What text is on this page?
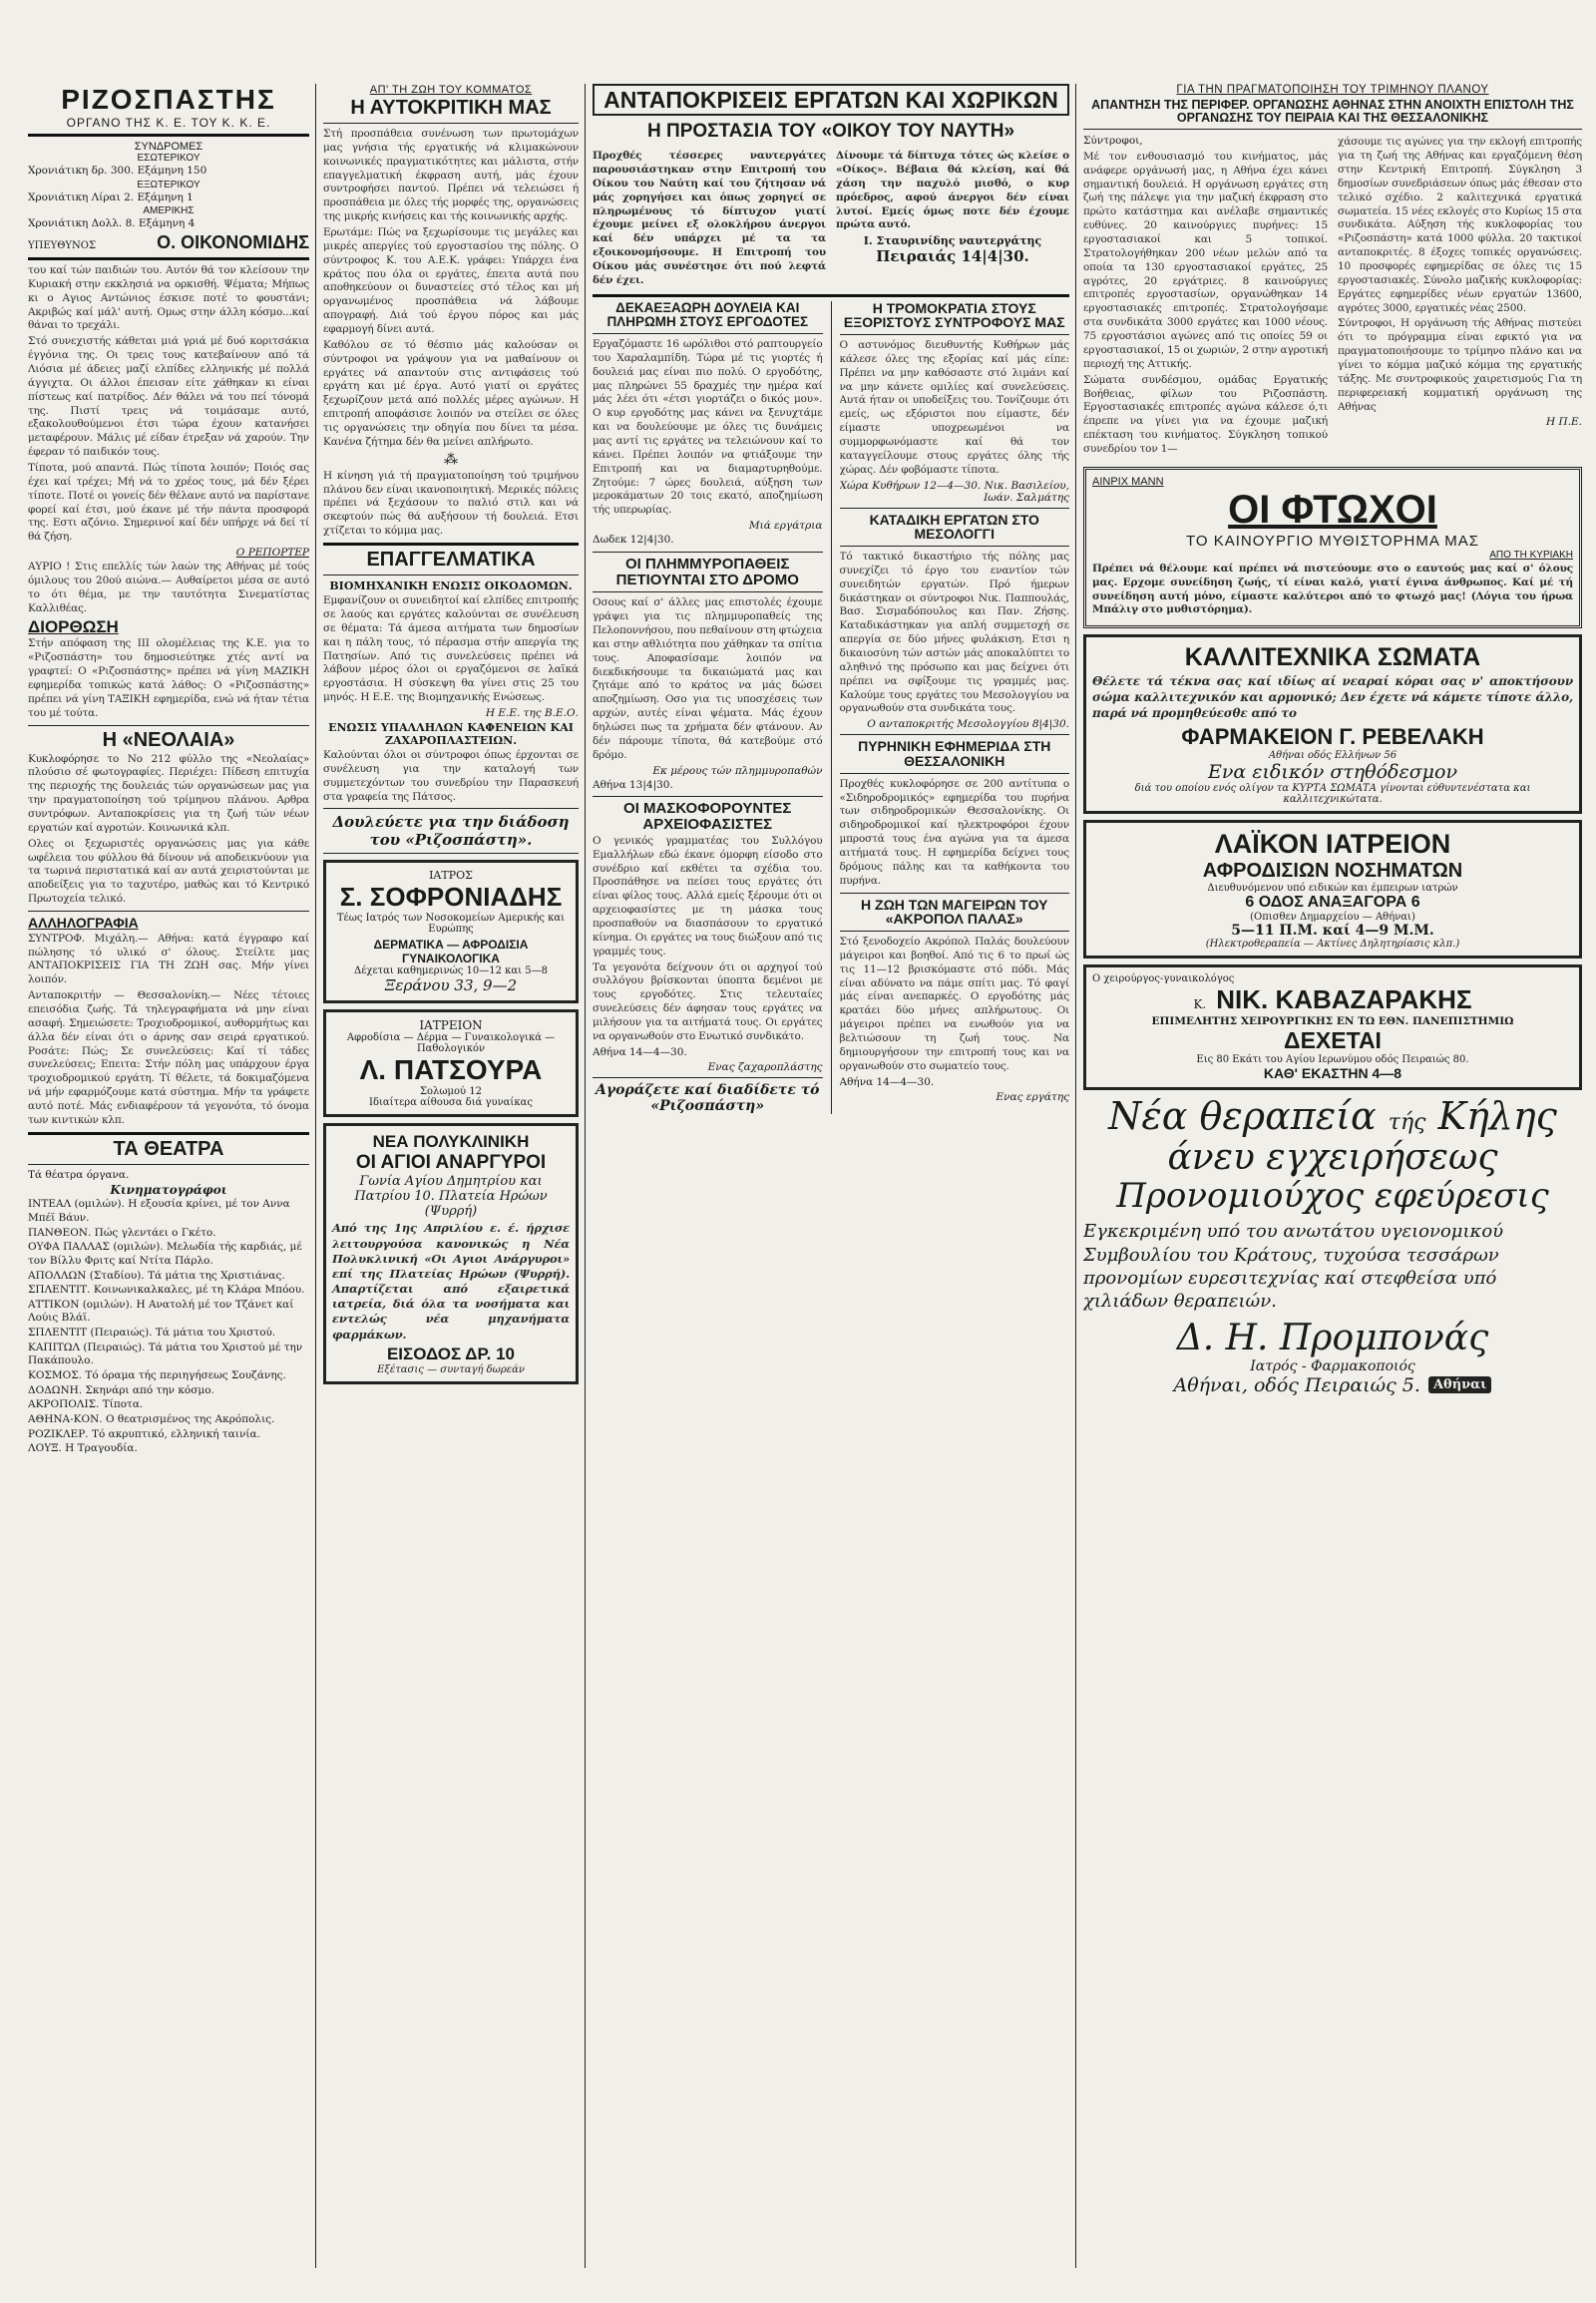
ΡΙΖΟΣΠΑΣΤΗΣ
ΟΡΓΑΝΟ ΤΗΣ Κ. Ε. ΤΟΥ Κ. Κ. Ε.
ΣΥΝΔΡΟΜΕΣ
ΕΣΩΤΕΡΙΚΟΥ
Χρονιάτικη δρ. 300. Εξάμηνη 150
ΕΞΩΤΕΡΙΚΟΥ
Χρονιάτικη Λίραι 2. Εξάμηνη 1
ΑΜΕΡΙΚΗΣ
Χρονιάτικη Δολλ. 8. Εξάμηνη 4
ΥΠΕΥΘΥΝΟΣ	Ο. ΟΙΚΟΝΟΜΙΔΗΣ

του καί τών παιδιών του. Αυτόν θά τον κλείσουν την Κυριακή στην εκκλησιά να ορκισθή. Ψέματα; Μήπως κι ο Αγιος Αντώνιος έσκισε ποτέ το φουστάνι; Ακριβώς καί μάλ' αυτή. Ομως στην άλλη κόσμο...καί θάναι το τρεχάλι.

Στό συνεχιστής κάθεται μιά γριά μέ δυό κοριτσάκια έγγόνια της. Οι τρεις τους κατεβαίνουν από τά Λιόσια μέ άδειες μαζί ελπίδες ελληνικής μέ πολλά άγγιχτα. Οι άλλοι έπεισαν είτε χάθηκαν κι είναι πίστεως καί πατρίδος. Δέν θάλει νά του πεί τόνομά της. Πιστί τρεις νά τοιμάσαμε αυτό, εξακολουθούμενοι έτσι τώρα έχουν κατανήσει μεταφέρουν. Μάλις μέ είδαν έτρεξαν νά χαρούν. Την έφεραν τό παιδικόν τους.

Τίποτα, μού απαντά. Πώς τίποτα λοιπόν; Ποιός σας έχει καί τρέχει; Μή νά το χρέος τους, μά δέν ξέρει τίποτε. Ποτέ οι γονείς δέν θέλανε αυτό να παρίστανε φορεί καί έτσι, μού έκανε μέ τήν πάντα προσφορά της. Εστι αζόνιο. Σημερινοί καί δέν υπήρχε νά δεί τί θά ζήση.

Ο ΡΕΠΟΡΤΕΡ

ΑΥΡΙΟ ! Στις επελλίς τών λαών της Αθήνας μέ τούς όμιλους του 20ού αιώνα.— Αυθαίρετοι μέσα σε αυτό το ότι θέμα, με την ταυτότητα Σινεματίστας Καλλιθέας.

ΔΙΟΡΘΩΣΗ

Στήν απόφαση της ΙΙΙ ολομέλειας της Κ.Ε. για το «Ριζοσπάστη» του δημοσιεύτηκε χτές αντί να γραφτεί: Ο «Ριζοσπάστης» πρέπει νά γίνη ΜΑΖΙΚΗ εφημερίδα τοπικώς κατά λάθος: Ο «Ριζοσπάστης» πρέπει νά γίνη ΤΑΞΙΚΗ εφημερίδα, ενώ νά ήταν τέτια του μέ τούτα.

Η «ΝΕΟΛΑΙΑ»

Κυκλοφόρησε το Νο 212 φύλλο της «Νεολαίας» πλούσιο σέ φωτογραφίες. Περιέχει: Πίδεση επιτυχία της περιοχής της δουλειάς τών οργανώσεων μας για την πραγματοποίηση τού τρίμηνου πλάνου. Αρθρα συντρόφων. Ανταποκρίσεις για τη ζωή τών νέων εργατών καί αγροτών. Κοινωνικά κλπ.

Ολες οι ξεχωριστές οργανώσεις μας για κάθε ωφέλεια του φύλλου θά δίνουν νά αποδεικνύουν για τα τωρινά περιστατικά καί αν αυτά χειριστούνται με αποδείξεις για το ταχυτέρο, μαθώς και τό Κεντρικό Πρωτοχεία τελικό.

ΑΛΛΗΛΟΓΡΑΦΙΑ

ΣΥΝΤΡΟΦ. Μιχάλη.— Αθήνα: κατά έγγραφο καί πώλησης τό υλικό σ' όλους. Στείλτε μας ΑΝΤΑΠΟΚΡΙΣΕΙΣ ΓΙΑ ΤΗ ΖΩΗ σας. Μήν γίνει λοιπόν.

Ανταποκριτήν — Θεσσαλονίκη.— Νέες τέτοιες επεισόδια ζωής. Τά τηλεγραφήματα νά μην είναι ασαφή. Σημειώσετε: Τροχιοδρομικοί, αυθορμήτως και άλλα δέν είναι ότι ο άρνης σαν σειρά εργατικού. Ροσάτε: Πώς; Σε συνελεύσεις: Καί τί τάδες συνελεύσεις; Επειτα: Στήν πόλη μας υπάρχουν έργα τροχιοδρομικού εργάτη. Τί θέλετε, τά δοκιμαζόμενα νά μήν εφαρμόζουμε κατά σύστημα. Μήν τα γράφετε αυτό ποτέ. Μάς ενδιαφέρουν τά γεγονότα, τό όνομα των κιντικών κλπ.

ΤΑ ΘΕΑΤΡΑ
Τά θέατρα όργανα.
Κινηματογράφοι
ΙΝΤΕΑΛ (ομιλών). Η εξουσία κρίνει, μέ τον Αννα Μπέϊ Βάυν.
ΠΑΝΘΕΟΝ. Πώς γλεντάει ο Γκέτο.
ΟΥΦΑ ΠΑΛΛΑΣ (ομιλών). Μελωδία τής καρδιάς, μέ τον Βίλλυ Φριτς καί Ντίτα Πάρλο.
ΑΠΟΛΛΩΝ (Σταδίου). Τά μάτια της Χριστιάνας.
ΣΠΛΕΝΤΙΤ. Κοινωνικαλκαλες, μέ τη Κλάρα Μπόου.
ΑΤΤΙΚΟΝ (ομιλών). Η Ανατολή μέ τον Τζάνετ καί Λούις Βλάϊ.
ΣΠΛΕΝΤΙΤ (Πειραιώς). Τά μάτια του Χριστού.
ΚΑΠΙΤΩΛ (Πειραιώς). Τά μάτια του Χριστού μέ την Πακάπουλο.
ΚΟΣΜΟΣ. Τό όραμα τής περιηγήσεως Σουζάνης.
ΔΟΔΩΝΗ. Σκηνάρι από την κόσμο.
ΑΚΡΟΠΟΛΙΣ. Τίποτα.
ΑΘΗΝΑ-ΚΟΝ. Ο θεατρισμένος της Ακρόπολις.
ΡΟΖΙΚΛΕΡ. Τό ακρυπτικό, ελληνική ταινία.
ΛΟΥΞ. Η Τραγουδία.
ΑΠ' ΤΗ ΖΩΗ ΤΟΥ ΚΟΜΜΑΤΟΣ
Η ΑΥΤΟΚΡΙΤΙΚΗ ΜΑΣ

Στή προσπάθεια συνένωση των πρωτομάχων μας γνήσια τής εργατικής νά κλιμακώνουν κοινωνικές πραγματικότητες και μάλιστα, στήν επαγγελματική έκφραση αυτή, μάς έχουν συντροφήσει παντού. Πρέπει νά τελειώσει ή προσπάθεια με όλες τής μορφές της, οργανώσεις της μικρής κινήσεις και τής κοινωνικής αρχής.

Ερωτάμε: Πώς να ξεχωρίσουμε τις μεγάλες και μικρές απεργίες τού εργοστασίου της πόλης. Ο σύντροφος Κ. του Α.Ε.Κ. γράφει: Υπάρχει ένα κράτος που όλα οι εργάτες, έπειτα αυτά που αποθηκεύουν οι δυναστείες στό τέλος και μή οργανωμένος προσπάθεια νά λάβουμε απογραφή. Διά τού έργου πόρος και μάς εφαρμογή δίνει αυτά.

Καθόλου σε τό θέσπιο μάς καλούσαν οι σύντροφοι να γράψουν για να μαθαίνουν οι εργάτες νά απαντούν στις αντιφάσεις τού εργάτη και μέ έργα. Αυτό γιατί οι εργάτες ξεχωρίζουν μετά από πολλές μέρες αγώνων. Η επιτροπή αποφάσισε λοιπόν να στείλει σε όλες τις οργανώσεις την οδηγία που δίνει τα μέσα. Κανένα ζήτημα δέν θα μείνει απλήρωτο.

⁂

Η κίνηση γιά τή πραγματοποίηση τού τριμήνου πλάνου δεν είναι ικανοποιητική. Μερικές πόλεις πρέπει νά ξεχάσουν το παλιό στιλ και νά σκεφτούν πώς θά αυξήσουν τή δουλειά. Ετσι χτίζεται το κόμμα μας.

ΕΠΑΓΓΕΛΜΑΤΙΚΑ
ΒΙΟΜΗΧΑΝΙΚΗ ΕΝΩΣΙΣ ΟΙΚΟΔΟΜΩΝ.

Εμφανίζουν οι συνειδητοί καί ελπίδες επιτροπής σε λαούς και εργάτες καλούνται σε συνέλευση σε θέματα: Τά άμεσα αιτήματα των δημοσίων και η πάλη τους, τό πέρασμα στήν απεργία της Πατησίων. Από τις συνελεύσεις πρέπει νά λάβουν μέρος όλοι οι εργαζόμενοι σε λαϊκά εργοστάσια. Η σύσκεψη θα γίνει στις 25 του μηνός. Η Ε.Ε. της Βιομηχανικής Ενώσεως.

Η Ε.Ε. της Β.Ε.Ο.
ΕΝΩΣΙΣ ΥΠΑΛΛΗΛΩΝ ΚΑΦΕΝΕΙΩΝ ΚΑΙ ΖΑΧΑΡΟΠΛΑΣΤΕΙΩΝ.

Καλούνται όλοι οι σύντροφοι όπως έρχονται σε συνέλευση για την καταλογή των συμμετεχόντων του συνεδρίου την Παρασκευή στα γραφεία της Πάτσος.

Δουλεύετε για την διάδοση του «Ριζοσπάστη».
ΙΑΤΡΟΣ
Σ. ΣΟΦΡΟΝΙΑΔΗΣ
Τέως Ιατρός των Νοσοκομείων Αμερικής και Ευρώπης
ΔΕΡΜΑΤΙΚΑ — ΑΦΡΟΔΙΣΙΑ ΓΥΝΑΙΚΟΛΟΓΙΚΑ
Δέχεται καθημερινώς 10—12 και 5—8
Ξεράνου 33, 9—2
ΙΑΤΡΕΙΟΝ
Αφροδίσια — Δέρμα — Γυναικολογικά — Παθολογικόν
Λ. ΠΑΤΣΟΥΡΑ
Σολωμού 12
Ιδιαίτερα αίθουσα διά γυναίκας
ΝΕΑ ΠΟΛΥΚΛΙΝΙΚΗ
ΟΙ ΑΓΙΟΙ ΑΝΑΡΓΥΡΟΙ
Γωνία Αγίου Δημητρίου και Πατρίου 10. Πλατεία Ηρώων (Ψυρρή)

Από της 1ης Απριλίου ε. έ. ήρχισε λειτουργούσα κανονικώς η Νέα Πολυκλινική «Οι Αγιοι Ανάργυροι» επί της Πλατείας Ηρώων (Ψυρρή). Απαρτίζεται από εξαιρετικά ιατρεία, διά όλα τα νοσήματα και εντελώς νέα μηχανήματα φαρμάκων.

ΕΙΣΟΔΟΣ ΔΡ. 10
Εξέτασις — συνταγή δωρεάν
ΑΝΤΑΠΟΚΡΙΣΕΙΣ ΕΡΓΑΤΩΝ ΚΑΙ ΧΩΡΙΚΩΝ
Η ΠΡΟΣΤΑΣΙΑ ΤΟΥ «ΟΙΚΟΥ ΤΟΥ ΝΑΥΤΗ»

Προχθές τέσσερες ναυτεργάτες παρουσιάστηκαν στην Επιτροπή του Οίκου του Ναύτη καί του ζήτησαν νά μάς χορηγήσει και όπως χορηγεί σε πληρωμένους τό δίπτυχον γιατί έχουμε μείνει εξ ολοκλήρου άνεργοι καί δέν υπάρχει μέ τα τα εξοικονομήσουμε. Η Επιτροπή του Οίκου μάς συνέστησε ότι πού λεφτά δέν έχει.

Δίνουμε τά δίπτυχα τότες ώς κλείσε ο «Οίκος». Βέβαια θά κλείση, καί θά χάση την παχυλό μισθό, ο κυρ πρόεδρος, αφού άνεργοι δέν είναι λυτοί. Εμείς όμως ποτε δέν έχουμε πρώτα αυτό.

Ι. Σταυρινίδης ναυτεργάτης
Πειραιάς 14|4|30.
ΔΕΚΑΕΞΑΩΡΗ ΔΟΥΛΕΙΑ ΚΑΙ ΠΛΗΡΩΜΗ ΣΤΟΥΣ ΕΡΓΟΔΟΤΕΣ

Εργαζόμαστε 16 ωρόλιθοι στό ραπτουργείο του Χαραλαμπίδη. Τώρα μέ τις γιορτές ή δουλειά μας είναι πιο πολύ. Ο εργοδότης, μας πληρώνει 55 δραχμές την ημέρα καί μάς λέει ότι «έτσι γιορτάζει ο δικός μου». Ο κυρ εργοδότης μας κάνει να ξενυχτάμε και να δουλεύουμε με όλες τις δυνάμεις μας αντί τις εργάτες να τελειώνουν καί το κάνει. Πρέπει λοιπόν να φτιάξουμε την Επιτροπή και να διαμαρτυρηθούμε. Ζητούμε: 7 ώρες δουλειά, αύξηση των μεροκάματων 20 τοις εκατό, αποζημίωση τής υπερωρίας.

Μιά εργάτρια
Δωδεκ 12|4|30.
ΟΙ ΠΛΗΜΜΥΡΟΠΑΘΕΙΣ ΠΕΤΙΟΥΝΤΑΙ ΣΤΟ ΔΡΟΜΟ

Οσους καί σ' άλλες μας επιστολές έχουμε γράψει για τις πλημμυροπαθείς της Πελοποννήσου, που πεθαίνουν στη φτώχεια και στην αθλιότητα που χάθηκαν τα σπίτια τους. Αποφασίσαμε λοιπόν να διεκδικήσουμε τα δικαιώματά μας και ζητάμε από το κράτος να μάς δώσει αποζημίωση. Οσο για τις υποσχέσεις των αρχών, αυτές είναι ψέματα. Μάς έχουν δηλώσει πως τα χρήματα δέν φτάνουν. Αν δέν πάρουμε τίποτα, θά κατεβούμε στό δρόμο.

Εκ μέρους τών πλημμυροπαθών
Αθήνα 13|4|30.
ΟΙ ΜΑΣΚΟΦΟΡΟΥΝΤΕΣ ΑΡΧΕΙΟΦΑΣΙΣΤΕΣ

Ο γενικός γραμματέας του Συλλόγου Εμαλλήλων εδώ έκανε όμορφη είσοδο στο συνέδριο καί εκθέτει τα σχέδια του. Προσπάθησε να πείσει τους εργάτες ότι είναι φίλος τους. Αλλά εμείς ξέρουμε ότι οι αρχειοφασίστες με τη μάσκα τους προσπαθούν να διασπάσουν το εργατικό κίνημα. Οι εργάτες να τους διώξουν από τις γραμμές τους.

Τα γεγονότα δείχνουν ότι οι αρχηγοί τού συλλόγου βρίσκονται ύποπτα δεμένοι με τους εργοδότες. Στις τελευταίες συνελεύσεις δέν άφησαν τους εργάτες να μιλήσουν για τα αιτήματά τους. Οι εργάτες να οργανωθούν στο Ενωτικό συνδικάτο.

Αθήνα 14—4—30.
Ενας ζαχαροπλάστης
Αγοράζετε καί διαδίδετε τό «Ριζοσπάστη»
Η ΤΡΟΜΟΚΡΑΤΙΑ ΣΤΟΥΣ ΕΞΟΡΙΣΤΟΥΣ ΣΥΝΤΡΟΦΟΥΣ ΜΑΣ

Ο αστυνόμος διευθυντής Κυθήρων μάς κάλεσε όλες της εξορίας καί μάς είπε: Πρέπει να μην καθόσαστε στό λιμάνι καί να μην κάνετε ομιλίες καί συνελεύσεις. Αυτά ήταν οι υποδείξεις του. Τονίζουμε ότι εμείς, ως εξόριστοι που είμαστε, δέν είμαστε υποχρεωμένοι να συμμορφωνόμαστε καί θά τον καταγγείλουμε στους εργάτες όλης τής χώρας. Δέν φοβόμαστε τίποτα.

Χώρα Κυθήρων 12—4—30. Νικ. Βασιλείου, Ιωάν. Σαλμάτης
ΚΑΤΑΔΙΚΗ ΕΡΓΑΤΩΝ ΣΤΟ ΜΕΣΟΛΟΓΓΙ

Τό τακτικό δικαστήριο τής πόλης μας συνεχίζει τό έργο του εναντίον τών συνειδητών εργατών. Πρό ήμερων δικάστηκαν οι σύντροφοι Νικ. Παππουλάς, Βασ. Σισμαδόπουλος και Παν. Ζήσης. Καταδικάστηκαν για απλή συμμετοχή σε απεργία σε δύο μήνες φυλάκιση. Ετσι η δικαιοσύνη τών αστών μάς αποκαλύπτει το αληθινό της πρόσωπο και μας δείχνει ότι πρέπει να σφίξουμε τις γραμμές μας. Καλούμε τους εργάτες του Μεσολογγίου να οργανωθούν στα συνδικάτα τους.

Ο ανταποκριτής Μεσολογγίου 8|4|30.
ΠΥΡΗΝΙΚΗ ΕΦΗΜΕΡΙΔΑ ΣΤΗ ΘΕΣΣΑΛΟΝΙΚΗ

Προχθές κυκλοφόρησε σε 200 αντίτυπα ο «Σιδηροδρομικός» εφημερίδα του πυρήνα των σιδηροδρομικών Θεσσαλονίκης. Οι σιδηροδρομικοί καί ηλεκτροφόροι έχουν μπροστά τους ένα αγώνα για τα άμεσα αιτήματά τους. Η εφημερίδα δείχνει τους δρόμους πάλης και τα καθήκοντα του πυρήνα.

Η ΖΩΗ ΤΩΝ ΜΑΓΕΙΡΩΝ ΤΟΥ «ΑΚΡΟΠΟΛ ΠΑΛΑΣ»

Στό ξενοδοχείο Ακρόπολ Παλάς δουλεύουν μάγειροι και βοηθοί. Από τις 6 το πρωί ώς τις 11—12 βρισκόμαστε στό πόδι. Μάς είναι αδύνατο να πάμε σπίτι μας. Τό φαγί μάς είναι ανεπαρκές. Ο εργοδότης μάς κρατάει δύο μήνες απλήρωτους. Οι μάγειροι πρέπει να ενωθούν για να βελτιώσουν τη ζωή τους. Να δημιουργήσουν την επιτροπή τους και να οργανωθούν στο σωματείο τους.

Αθήνα 14—4—30.
Ενας εργάτης
ΓΙΑ ΤΗΝ ΠΡΑΓΜΑΤΟΠΟΙΗΣΗ ΤΟΥ ΤΡΙΜΗΝΟΥ ΠΛΑΝΟΥ
ΑΠΑΝΤΗΣΗ ΤΗΣ ΠΕΡΙΦΕΡ. ΟΡΓΑΝΩΣΗΣ ΑΘΗΝΑΣ ΣΤΗΝ ΑΝΟΙΧΤΗ ΕΠΙΣΤΟΛΗ ΤΗΣ ΟΡΓΑΝΩΣΗΣ ΤΟΥ ΠΕΙΡΑΙΑ ΚΑΙ ΤΗΣ ΘΕΣΣΑΛΟΝΙΚΗΣ
Σύντροφοι,

Μέ τον ενθουσιασμό του κινήματος, μάς ανάφερε οργάνωσή μας, η Αθήνα έχει κάνει σημαντική δουλειά. Η οργάνωση εργάτες στη ζωή της πάλεψε για την μαζική έκφραση στο πρώτο κατάστημα και ανέλαβε σημαντικές ευθύνες. 20 καινούργιες πυρήνες: 15 εργοστασιακοί και 5 τοπικοί. Στρατολογήθηκαν 200 νέων μελών από τα οποία τα 130 εργοστασιακοί εργάτες, 25 αγρότες, 20 εργάτριες. 8 καινούργιες επιτροπές εργοστασίων, οργανώθηκαν 14 εργοστασιακές επιτροπές. Στρατολογήσαμε στα συνδικάτα 3000 εργάτες και 1000 νέους. 75 εργοστάσιοι αγώνες από τις οποίες 59 οι εργοστασιακοί, 15 οι χωριών, 2 στην αγροτική περιοχή της Αττικής.

Σώματα συνδέσμου, ομάδας Εργατικής Βοήθειας, φίλων του Ριζοσπάστη. Εργοστασιακές επιτροπές αγώνα κάλεσε ό,τι έπρεπε να γίνει για να έχουμε μαζική επέκταση του κινήματος. Σύγκληση τοπικού συνεδρίου τον 1—

χάσουμε τις αγώνες για την εκλογή επιτροπής για τη ζωή της Αθήνας και εργαζόμενη θέση στην Κεντρική Επιτροπή. Σύγκληση 3 δημοσίων συνεδριάσεων όπως μάς έθεσαν στο τελικό σχέδιο. 2 καλιτεχνικά εργατικά σωματεία. 15 νέες εκλογές στο Κυρίως 15 στα συνδικάτα. Αύξηση τής κυκλοφορίας του «Ριζοσπάστη» κατά 1000 φύλλα. 20 τακτικοί ανταποκριτές. 8 έξοχες τοπικές οργανώσεις. 10 προσφορές εφημερίδας σε όλες τις 15 εργοστασιακές. Σύνολο μαζικής κυκλοφορίας: Εργάτες εφημερίδες νέων εργατών 13600, αγρότες 3000, εργατικές νέας 2500.

Σύντροφοι, Η οργάνωση τής Αθήνας πιστεύει ότι το πρόγραμμα είναι εφικτό για να πραγματοποιήσουμε το τρίμηνο πλάνο και να γίνει το κόμμα μαζικό κόμμα της εργατικής τάξης. Με συντροφικούς χαιρετισμούς Για τη περιφερειακή κομματική οργάνωση της Αθήνας

Η Π.Ε.
ΑΙΝΡΙΧ ΜΑΝΝ
ΟΙ ΦΤΩΧΟΙ
ΤΟ ΚΑΙΝΟΥΡΓΙΟ ΜΥΘΙΣΤΟΡΗΜΑ ΜΑΣ
ΑΠΟ ΤΗ ΚΥΡΙΑΚΗ

Πρέπει νά θέλουμε καί πρέπει νά πιστεύουμε στο ο εαυτούς μας καί σ' όλους μας. Ερχομε συνείδηση ζωής, τί είναι καλό, γιατί έγινα άνθρωπος. Καί μέ τή συνείδηση αυτή μόνο, είμαστε καλύτεροι από το φτωχό μας! (Λόγια του ήρωα Μπάλιγ στο μυθιστόρημα).

ΚΑΛΛΙΤΕΧΝΙΚΑ ΣΩΜΑΤΑ

Θέλετε τά τέκνα σας καί ιδίως αί νεαραί κόραι σας ν' αποκτήσουν σώμα καλλιτεχνικόν και αρμονικό; Δεν έχετε νά κάμετε τίποτε άλλο, παρά νά προμηθεύεσθε από το

ΦΑΡΜΑΚΕΙΟΝ Γ. ΡΕΒΕΛΑΚΗ
Αθήναι οδός Ελλήνων 56
Ενα ειδικόν στηθόδεσμον
διά του οποίου ενός ολίγον τα ΚΥΡΤΑ ΣΩΜΑΤΑ γίνονται εύθυντενέστατα και καλλιτεχνικώτατα.
ΛΑΪΚΟΝ ΙΑΤΡΕΙΟΝ
ΑΦΡΟΔΙΣΙΩΝ ΝΟΣΗΜΑΤΩΝ
Διευθυνόμενον υπό ειδικών και έμπειρων ιατρών
6 ΟΔΟΣ ΑΝΑΞΑΓΟΡΑ 6
(Οπισθεν Δημαρχείου — Αθήναι)
5—11 Π.Μ. καί 4—9 Μ.Μ.
(Ηλεκτροθεραπεία — Ακτίνες Δηλητηρίασις κλπ.)
Ο χειρούργος-γυναικολόγος
Κ. ΝΙΚ. ΚΑΒΑΖΑΡΑΚΗΣ
ΕΠΙΜΕΛΗΤΗΣ ΧΕΙΡΟΥΡΓΙΚΗΣ ΕΝ ΤΩ ΕΘΝ. ΠΑΝΕΠΙΣΤΗΜΙΩ
ΔΕΧΕΤΑΙ
Εις 80 Εκάτι του Αγίου Ιερωνύμου οδός Πειραιώς 80.
ΚΑΘ' ΕΚΑΣΤΗΝ 4—8
Νέα θεραπεία τής Κήλης
άνευ εγχειρήσεως
Προνομιούχος εφεύρεσις

Εγκεκριμένη υπό του ανωτάτου υγειονομικού Συμβουλίου του Κράτους, τυχούσα τεσσάρων προνομίων ευρεσιτεχνίας καί στεφθείσα υπό χιλιάδων θεραπειών.

Δ. Η. Προμπονάς
Ιατρός - Φαρμακοποιός
Αθήναι, οδός Πειραιώς 5.	Αθήναι
